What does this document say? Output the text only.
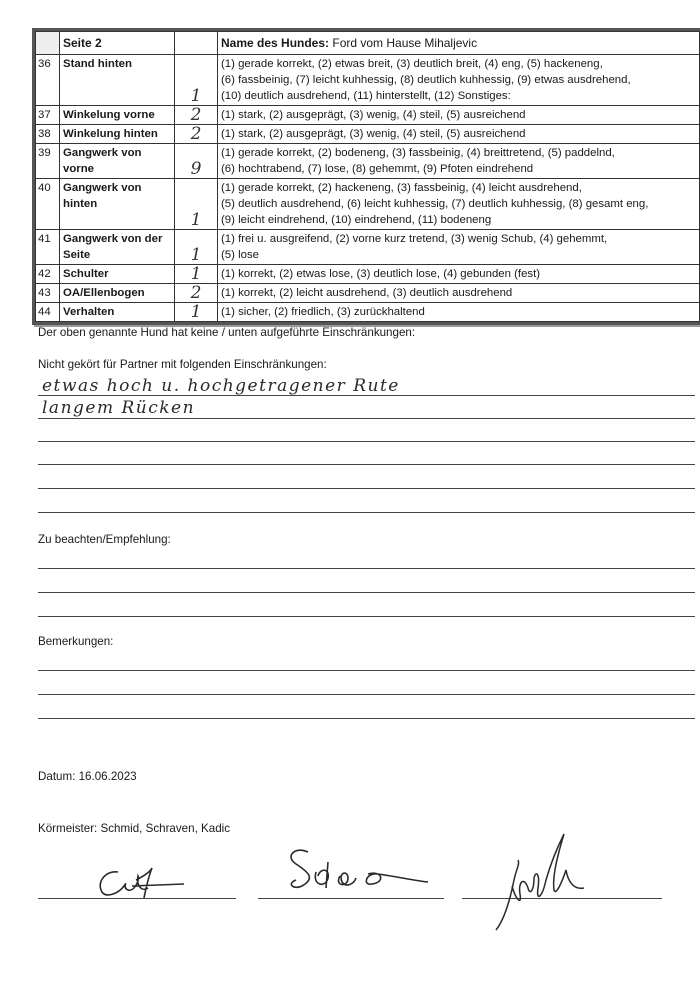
	Seite 2		Name des Hundes: Ford vom Hause Mihaljevic
36	Stand hinten	1	(1) gerade korrekt, (2) etwas breit, (3) deutlich breit, (4) eng, (5) hackeneng,
(6) fassbeinig, (7) leicht kuhhessig, (8) deutlich kuhhessig, (9) etwas ausdrehend,
(10) deutlich ausdrehend, (11) hinterstellt, (12) Sonstiges:

37	Winkelung vorne	2	(1) stark, (2) ausgeprägt, (3) wenig, (4) steil, (5) ausreichend

38	Winkelung hinten	2	(1) stark, (2) ausgeprägt, (3) wenig, (4) steil, (5) ausreichend

39	Gangwerk von vorne	9	(1) gerade korrekt, (2) bodeneng, (3) fassbeinig, (4) breittretend, (5) paddelnd,
(6) hochtrabend, (7) lose, (8) gehemmt, (9) Pfoten eindrehend

40	Gangwerk von hinten	1	(1) gerade korrekt, (2) hackeneng, (3) fassbeinig, (4) leicht ausdrehend,
(5) deutlich ausdrehend, (6) leicht kuhhessig, (7) deutlich kuhhessig, (8) gesamt eng,
(9) leicht eindrehend, (10) eindrehend, (11) bodeneng

41	Gangwerk von der Seite	1	(1) frei u. ausgreifend, (2) vorne kurz tretend, (3) wenig Schub, (4) gehemmt,
(5) lose

42	Schulter	1	(1) korrekt, (2) etwas lose, (3) deutlich lose, (4) gebunden (fest)

43	OA/Ellenbogen	2	(1) korrekt, (2) leicht ausdrehend, (3) deutlich ausdrehend

44	Verhalten	1	(1) sicher, (2) friedlich, (3) zurückhaltend
Der oben genannte Hund hat keine / unten aufgeführte Einschränkungen:
Nicht gekört für Partner mit folgenden Einschränkungen:
etwas hoch u. hochgetragener Rute
langem Rücken
Zu beachten/Empfehlung:
Bemerkungen:
Datum: 16.06.2023
Körmeister: Schmid, Schraven, Kadic
